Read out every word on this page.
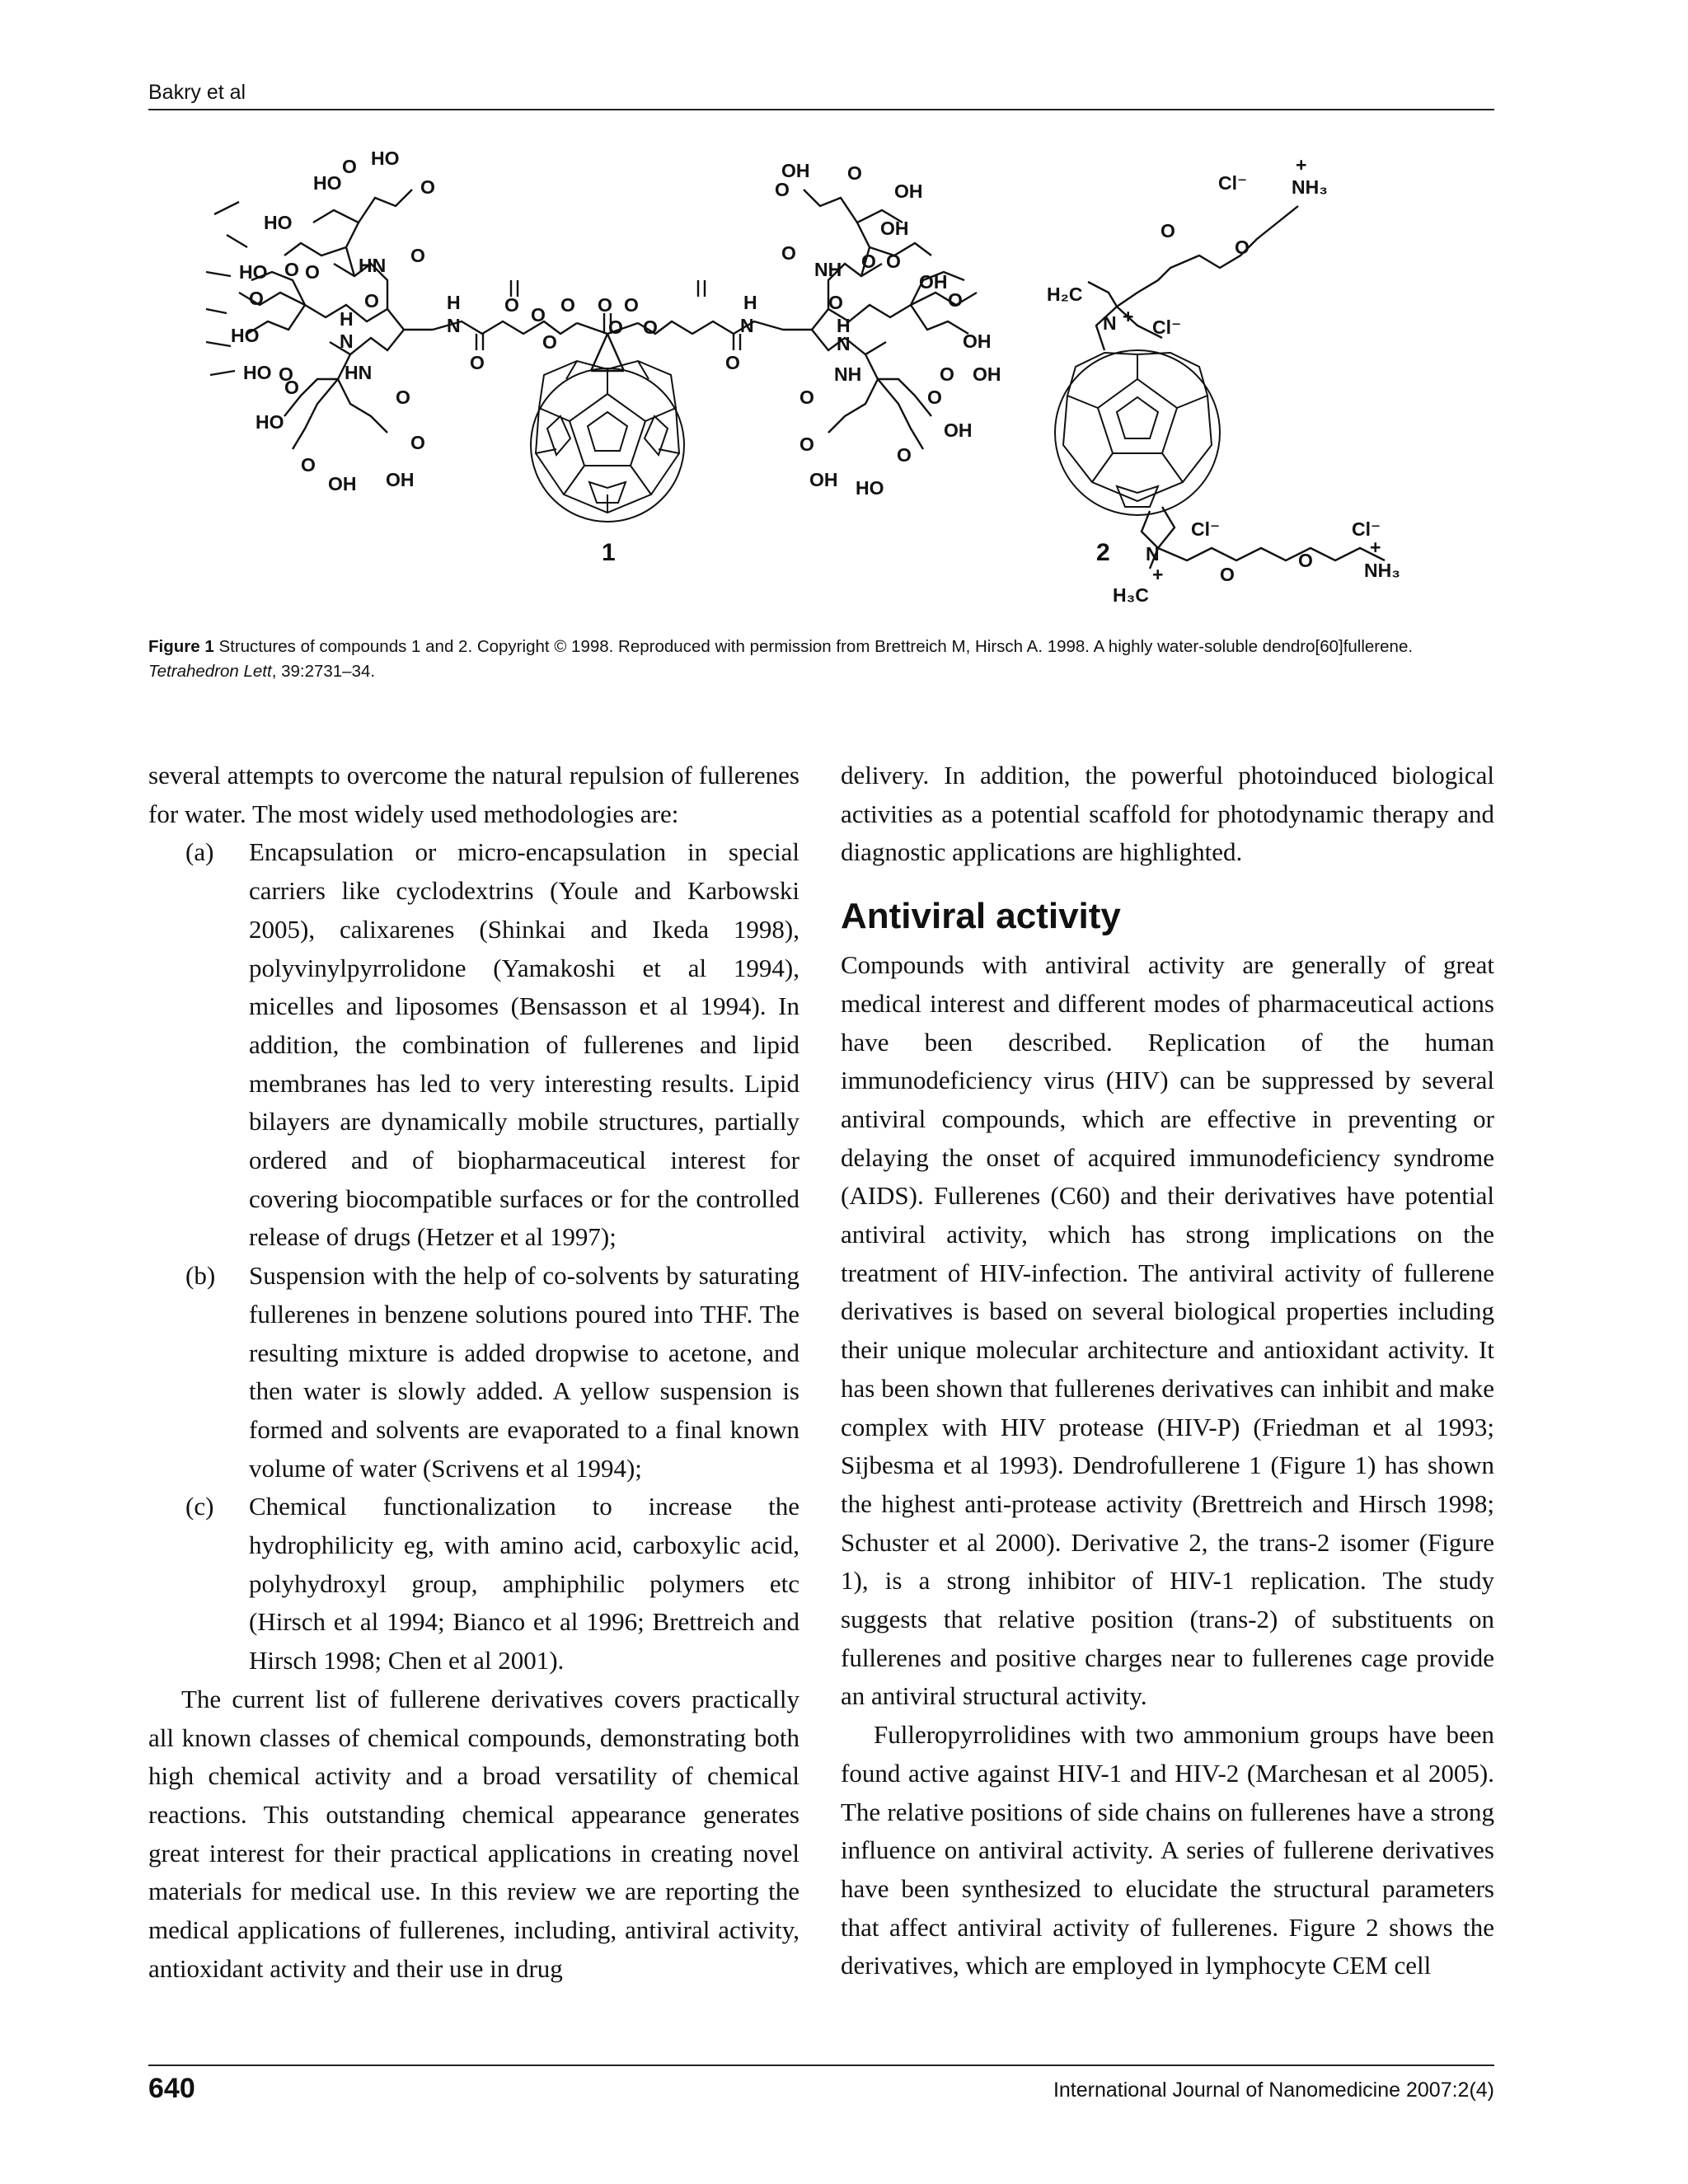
Bakry et al
HO
O HO
O
HO
HO O O HN O
O	O
HO
H
N
H
N
HO O	HN	O
O	O
HO
O
O
OH OH
O O
O
O
O O
O O
O
H
N
OH
O
O
OH
O
NH
OH
O O
OH
O
H
N
O
OH
OH
O
NH
O	O
OH
O	O
OH HO
1
Cl⁻
+
NH₃
O
O
H₂C
N + Cl⁻
Cl⁻	Cl⁻
N
+
H₃C
O
O
+
NH₃
2
Figure 1 Structures of compounds 1 and 2. Copyright © 1998. Reproduced with permission from Brettreich M, Hirsch A. 1998. A highly water-soluble dendro[60]fullerene. Tetrahedron Lett, 39:2731–34.

several attempts to overcome the natural repulsion of fullerenes for water. The most widely used methodologies are:

(a) Encapsulation or micro-encapsulation in special carriers like cyclodextrins (Youle and Karbowski 2005), calixarenes (Shinkai and Ikeda 1998), polyvinylpyrrolidone (Yamakoshi et al 1994), micelles and liposomes (Bensasson et al 1994). In addition, the combination of fullerenes and lipid membranes has led to very interesting results. Lipid bilayers are dynamically mobile structures, partially ordered and of biopharmaceutical interest for covering biocompatible surfaces or for the controlled release of drugs (Hetzer et al 1997);
(b) Suspension with the help of co-solvents by saturating fullerenes in benzene solutions poured into THF. The resulting mixture is added dropwise to acetone, and then water is slowly added. A yellow suspension is formed and solvents are evaporated to a final known volume of water (Scrivens et al 1994);
(c) Chemical functionalization to increase the hydrophilicity eg, with amino acid, carboxylic acid, polyhydroxyl group, amphiphilic polymers etc (Hirsch et al 1994; Bianco et al 1996; Brettreich and Hirsch 1998; Chen et al 2001).

The current list of fullerene derivatives covers practically all known classes of chemical compounds, demonstrating both high chemical activity and a broad versatility of chemical reactions. This outstanding chemical appearance generates great interest for their practical applications in creating novel materials for medical use. In this review we are reporting the medical applications of fullerenes, including, antiviral activity, antioxidant activity and their use in drug

delivery. In addition, the powerful photoinduced biological activities as a potential scaffold for photodynamic therapy and diagnostic applications are highlighted.

Antiviral activity

Compounds with antiviral activity are generally of great medical interest and different modes of pharmaceutical actions have been described. Replication of the human immunodeficiency virus (HIV) can be suppressed by several antiviral compounds, which are effective in preventing or delaying the onset of acquired immunodeficiency syndrome (AIDS). Fullerenes (C60) and their derivatives have potential antiviral activity, which has strong implications on the treatment of HIV-infection. The antiviral activity of fullerene derivatives is based on several biological properties including their unique molecular architecture and antioxidant activity. It has been shown that fullerenes derivatives can inhibit and make complex with HIV protease (HIV-P) (Friedman et al 1993; Sijbesma et al 1993). Dendrofullerene 1 (Figure 1) has shown the highest anti-protease activity (Brettreich and Hirsch 1998; Schuster et al 2000). Derivative 2, the trans-2 isomer (Figure 1), is a strong inhibitor of HIV-1 replication. The study suggests that relative position (trans-2) of substituents on fullerenes and positive charges near to fullerenes cage provide an antiviral structural activity.

Fulleropyrrolidines with two ammonium groups have been found active against HIV-1 and HIV-2 (Marchesan et al 2005). The relative positions of side chains on fullerenes have a strong influence on antiviral activity. A series of fullerene derivatives have been synthesized to elucidate the structural parameters that affect antiviral activity of fullerenes. Figure 2 shows the derivatives, which are employed in lymphocyte CEM cell

640	International Journal of Nanomedicine 2007:2(4)
